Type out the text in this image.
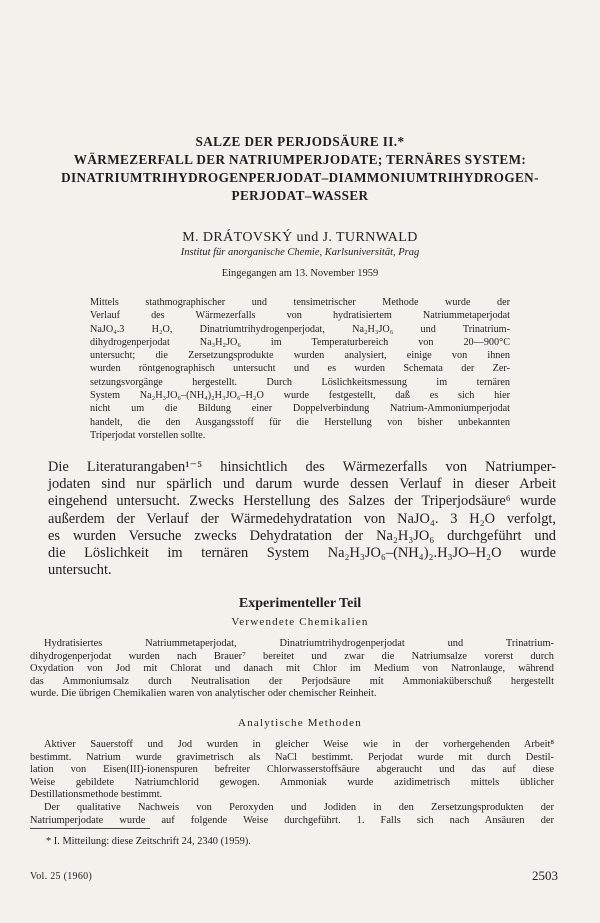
SALZE DER PERJODSÄURE II.*
WÄRMEZERFALL DER NATRIUMPERJODATE; TERNÄRES SYSTEM:
DINATRIUMTRIHYDROGENPERJODAT–DIAMMONIUMTRIHYDROGEN-
PERJODAT–WASSER
M. DRÁTOVSKÝ und J. TURNWALD
Institut für anorganische Chemie, Karlsuniversität, Prag
Eingegangen am 13. November 1959
Mittels stathmographischer und tensimetrischer Methode wurde der
Verlauf des Wärmezerfalls von hydratisiertem Natriummetaperjodat
NaJO₄.3 H₂O, Dinatriumtrihydrogenperjodat, Na₂H₃JO₆ und Trinatrium-
dihydrogenperjodat Na₃H₂JO₆ im Temperaturbereich von 20—900°C
untersucht; die Zersetzungsprodukte wurden analysiert, einige von ihnen
wurden röntgenographisch untersucht und es wurden Schemata der Zer-
setzungsvorgänge hergestellt. Durch Löslichkeitsmessung im ternären
System Na₂H₃JO₆–(NH₄)₂H₃JO₆–H₂O wurde festgestellt, daß es sich hier
nicht um die Bildung einer Doppelverbindung Natrium-Ammoniumperjodat
handelt, die den Ausgangsstoff für die Herstellung von bisher unbekannten
Triperjodat vorstellen sollte.
Die Literaturangaben¹⁻⁵ hinsichtlich des Wärmezerfalls von Natriumper-
jodaten sind nur spärlich und darum wurde dessen Verlauf in dieser Arbeit
eingehend untersucht. Zwecks Herstellung des Salzes der Triperjodsäure⁶ wurde
außerdem der Verlauf der Wärmedehydratation von NaJO₄. 3 H₂O verfolgt,
es wurden Versuche zwecks Dehydratation der Na₂H₃JO₆ durchgeführt und
die Löslichkeit im ternären System Na₂H₃JO₆–(NH₄)₂.H₃JO–H₂O wurde
untersucht.
Experimenteller Teil
Verwendete Chemikalien
Hydratisiertes Natriummetaperjodat, Dinatriumtrihydrogenperjodat und Trinatrium-
dihydrogenperjodat wurden nach Brauer⁷ bereitet und zwar die Natriumsalze vorerst durch
Oxydation von Jod mit Chlorat und danach mit Chlor im Medium von Natronlauge, während
das Ammoniumsalz durch Neutralisation der Perjodsäure mit Ammoniaküberschuß hergestellt
wurde. Die übrigen Chemikalien waren von analytischer oder chemischer Reinheit.
Analytische Methoden
Aktiver Sauerstoff und Jod wurden in gleicher Weise wie in der vorhergehenden Arbeit⁸
bestimmt. Natrium wurde gravimetrisch als NaCl bestimmt. Perjodat wurde mit durch Destil-
lation von Eisen(III)-ionenspuren befreiter Chlorwasserstoffsäure abgeraucht und das auf diese
Weise gebildete Natriumchlorid gewogen. Ammoniak wurde azidimetrisch mittels üblicher
Destillationsmethode bestimmt.
Der qualitative Nachweis von Peroxyden und Jodiden in den Zersetzungsprodukten der
Natriumperjodate wurde auf folgende Weise durchgeführt. 1. Falls sich nach Ansäuren der
* I. Mitteilung: diese Zeitschrift 24, 2340 (1959).
Vol. 25 (1960)	2503
